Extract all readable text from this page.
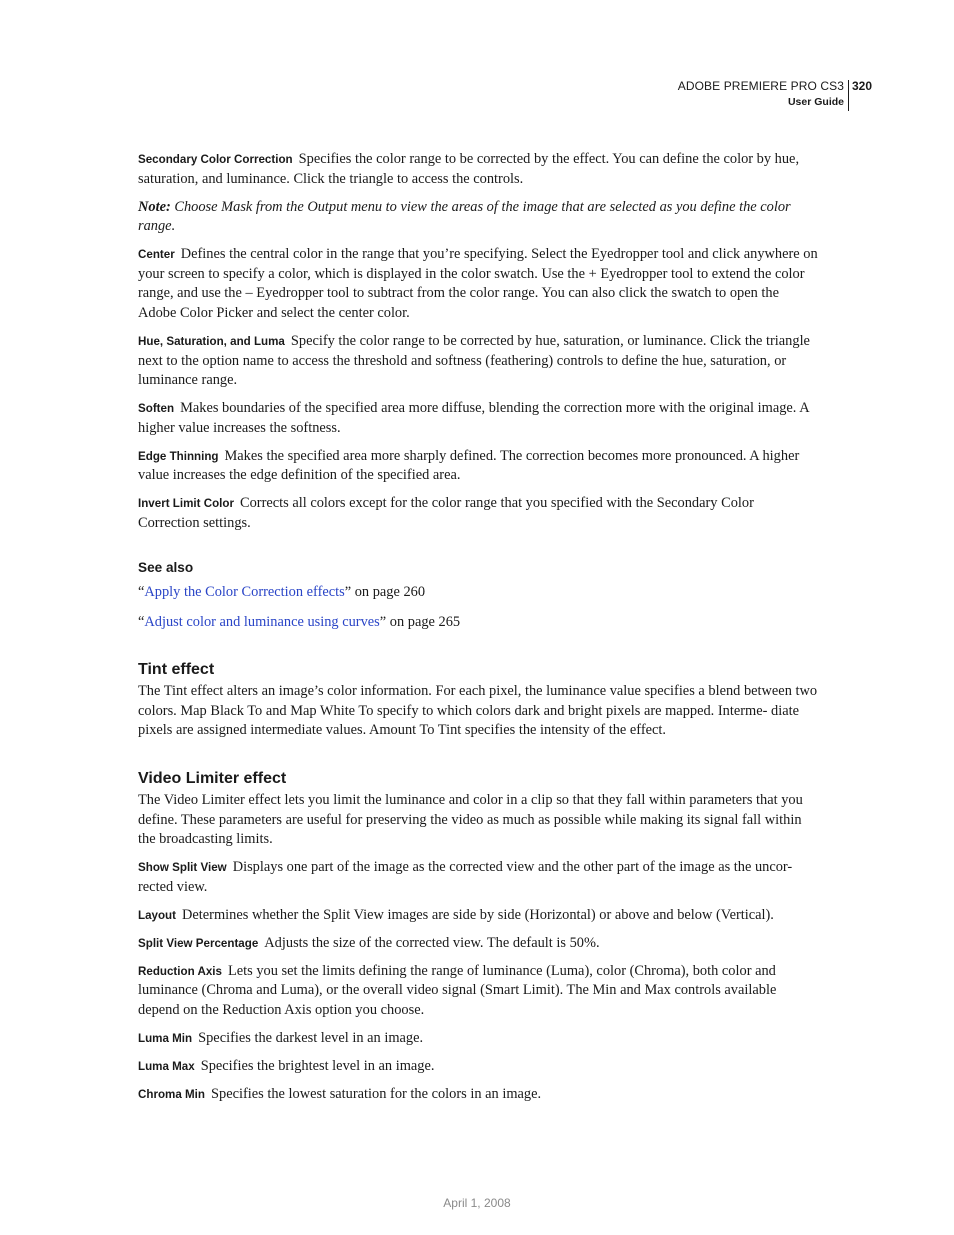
ADOBE PREMIERE PRO CS3
User Guide
320

Secondary Color Correction Specifies the color range to be corrected by the effect. You can define the color by hue, saturation, and luminance. Click the triangle to access the controls.

Note: Choose Mask from the Output menu to view the areas of the image that are selected as you define the color range.

Center Defines the central color in the range that you’re specifying. Select the Eyedropper tool and click anywhere on your screen to specify a color, which is displayed in the color swatch. Use the + Eyedropper tool to extend the color range, and use the – Eyedropper tool to subtract from the color range. You can also click the swatch to open the Adobe Color Picker and select the center color.

Hue, Saturation, and Luma Specify the color range to be corrected by hue, saturation, or luminance. Click the triangle next to the option name to access the threshold and softness (feathering) controls to define the hue, saturation, or luminance range.

Soften Makes boundaries of the specified area more diffuse, blending the correction more with the original image. A higher value increases the softness.

Edge Thinning Makes the specified area more sharply defined. The correction becomes more pronounced. A higher value increases the edge definition of the specified area.

Invert Limit Color Corrects all colors except for the color range that you specified with the Secondary Color Correction settings.

See also

“Apply the Color Correction effects” on page 260

“Adjust color and luminance using curves” on page 265

Tint effect

The Tint effect alters an image’s color information. For each pixel, the luminance value specifies a blend between two colors. Map Black To and Map White To specify to which colors dark and bright pixels are mapped. Interme- diate pixels are assigned intermediate values. Amount To Tint specifies the intensity of the effect.

Video Limiter effect

The Video Limiter effect lets you limit the luminance and color in a clip so that they fall within parameters that you define. These parameters are useful for preserving the video as much as possible while making its signal fall within the broadcasting limits.

Show Split View Displays one part of the image as the corrected view and the other part of the image as the uncor- rected view.

Layout Determines whether the Split View images are side by side (Horizontal) or above and below (Vertical).

Split View Percentage Adjusts the size of the corrected view. The default is 50%.

Reduction Axis Lets you set the limits defining the range of luminance (Luma), color (Chroma), both color and luminance (Chroma and Luma), or the overall video signal (Smart Limit). The Min and Max controls available depend on the Reduction Axis option you choose.

Luma Min Specifies the darkest level in an image.

Luma Max Specifies the brightest level in an image.

Chroma Min Specifies the lowest saturation for the colors in an image.

April 1, 2008
